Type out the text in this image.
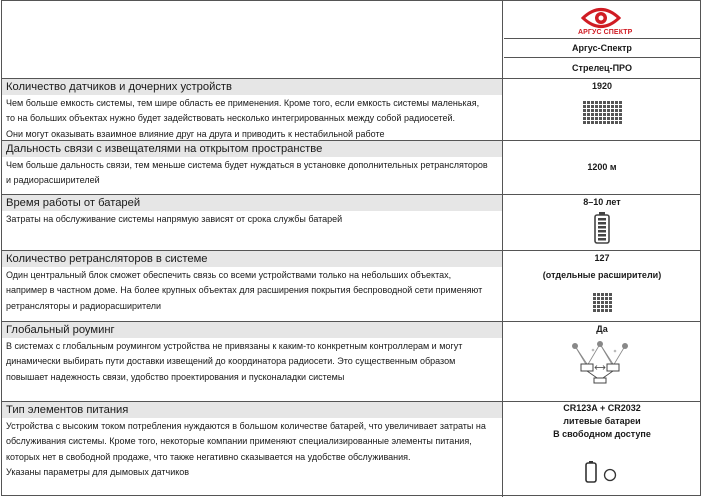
АРГУС СПЕКТР
Аргус-Спектр
Стрелец-ПРО
Количество датчиков и дочерних устройств

Чем больше емкость системы, тем шире область ее применения. Кроме того, если емкость системы маленькая,

то на больших объектах нужно будет задействовать несколько интегрированных между собой радиосетей.

Они могут оказывать взаимное влияние друг на друга и приводить к нестабильной работе

1920
Дальность связи с извещателями на открытом пространстве

Чем больше дальность связи, тем меньше система будет нуждаться в установке дополнительных ретрансляторов

и радиорасширителей

1200 м
Время работы от батарей

Затраты на обслуживание системы напрямую зависят от срока службы батарей

8–10 лет
Количество ретрансляторов в системе

Один центральный блок сможет обеспечить связь со всеми устройствами только на небольших объектах,

например в частном доме. На более крупных объектах для расширения покрытия беспроводной сети применяют

ретрансляторы и радиорасширители

127
(отдельные расширители)
Глобальный роуминг

В системах с глобальным роумингом устройства не привязаны к каким-то конкретным контроллерам и могут

динамически выбирать пути доставки извещений до координатора радиосети. Это существенным образом

повышает надежность связи, удобство проектирования и пусконаладки системы

Да
Тип элементов питания

Устройства с высоким током потребления нуждаются в большом количестве батарей, что увеличивает затраты на

обслуживания системы. Кроме того, некоторые компании применяют специализированные элементы питания,

которых нет в свободной продаже, что также негативно сказывается на удобстве обслуживания.

Указаны параметры для дымовых датчиков

CR123A + CR2032
литевые батареи
В свободном доступе
